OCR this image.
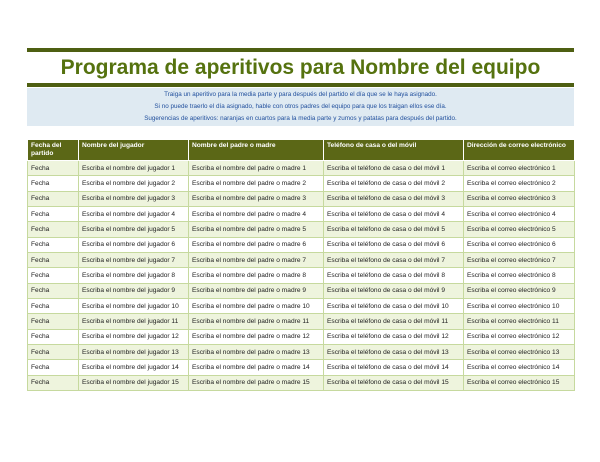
Programa de aperitivos para Nombre del equipo
Traiga un aperitivo para la media parte y para después del partido el día que se le haya asignado.
Si no puede traerlo el día asignado, hable con otros padres del equipo para que los traigan ellos ese día.
Sugerencias de aperitivos: naranjas en cuartos para la media parte y zumos y patatas para después del partido.
Fecha del partido	Nombre del jugador	Nombre del padre o madre	Teléfono de casa o del móvil	Dirección de correo electrónico
Fecha	Escriba el nombre del jugador 1	Escriba el nombre del padre o madre 1	Escriba el teléfono de casa o del móvil 1	Escriba el correo electrónico 1
Fecha	Escriba el nombre del jugador 2	Escriba el nombre del padre o madre 2	Escriba el teléfono de casa o del móvil 2	Escriba el correo electrónico 2
Fecha	Escriba el nombre del jugador 3	Escriba el nombre del padre o madre 3	Escriba el teléfono de casa o del móvil 3	Escriba el correo electrónico 3
Fecha	Escriba el nombre del jugador 4	Escriba el nombre del padre o madre 4	Escriba el teléfono de casa o del móvil 4	Escriba el correo electrónico 4
Fecha	Escriba el nombre del jugador 5	Escriba el nombre del padre o madre 5	Escriba el teléfono de casa o del móvil 5	Escriba el correo electrónico 5
Fecha	Escriba el nombre del jugador 6	Escriba el nombre del padre o madre 6	Escriba el teléfono de casa o del móvil 6	Escriba el correo electrónico 6
Fecha	Escriba el nombre del jugador 7	Escriba el nombre del padre o madre 7	Escriba el teléfono de casa o del móvil 7	Escriba el correo electrónico 7
Fecha	Escriba el nombre del jugador 8	Escriba el nombre del padre o madre 8	Escriba el teléfono de casa o del móvil 8	Escriba el correo electrónico 8
Fecha	Escriba el nombre del jugador 9	Escriba el nombre del padre o madre 9	Escriba el teléfono de casa o del móvil 9	Escriba el correo electrónico 9
Fecha	Escriba el nombre del jugador 10	Escriba el nombre del padre o madre 10	Escriba el teléfono de casa o del móvil 10	Escriba el correo electrónico 10
Fecha	Escriba el nombre del jugador 11	Escriba el nombre del padre o madre 11	Escriba el teléfono de casa o del móvil 11	Escriba el correo electrónico 11
Fecha	Escriba el nombre del jugador 12	Escriba el nombre del padre o madre 12	Escriba el teléfono de casa o del móvil 12	Escriba el correo electrónico 12
Fecha	Escriba el nombre del jugador 13	Escriba el nombre del padre o madre 13	Escriba el teléfono de casa o del móvil 13	Escriba el correo electrónico 13
Fecha	Escriba el nombre del jugador 14	Escriba el nombre del padre o madre 14	Escriba el teléfono de casa o del móvil 14	Escriba el correo electrónico 14
Fecha	Escriba el nombre del jugador 15	Escriba el nombre del padre o madre 15	Escriba el teléfono de casa o del móvil 15	Escriba el correo electrónico 15
